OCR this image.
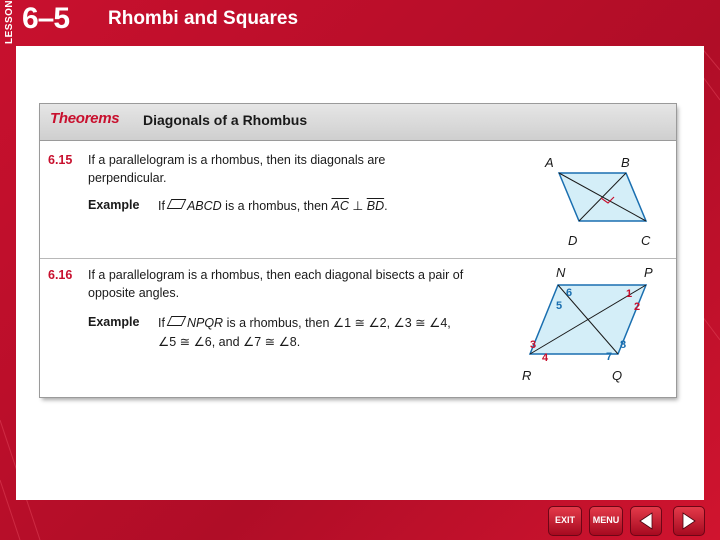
LESSON 6–5 Rhombi and Squares
Theorems Diagonals of a Rhombus
6.15 If a parallelogram is a rhombus, then its diagonals are perpendicular.
Example If ABCD is a rhombus, then $\overline{AC}$ ⊥ $\overline{BD}$.
A	B
C
D
6.16 If a parallelogram is a rhombus, then each diagonal bisects a pair of opposite angles.
Example If NPQR is a rhombus, then ∠1 ≅ ∠2, ∠3 ≅ ∠4,
∠5 ≅ ∠6, and ∠7 ≅ ∠8.
N	P
Q
R
1
2
3
4
5
6
7
8
EXIT	MENU
